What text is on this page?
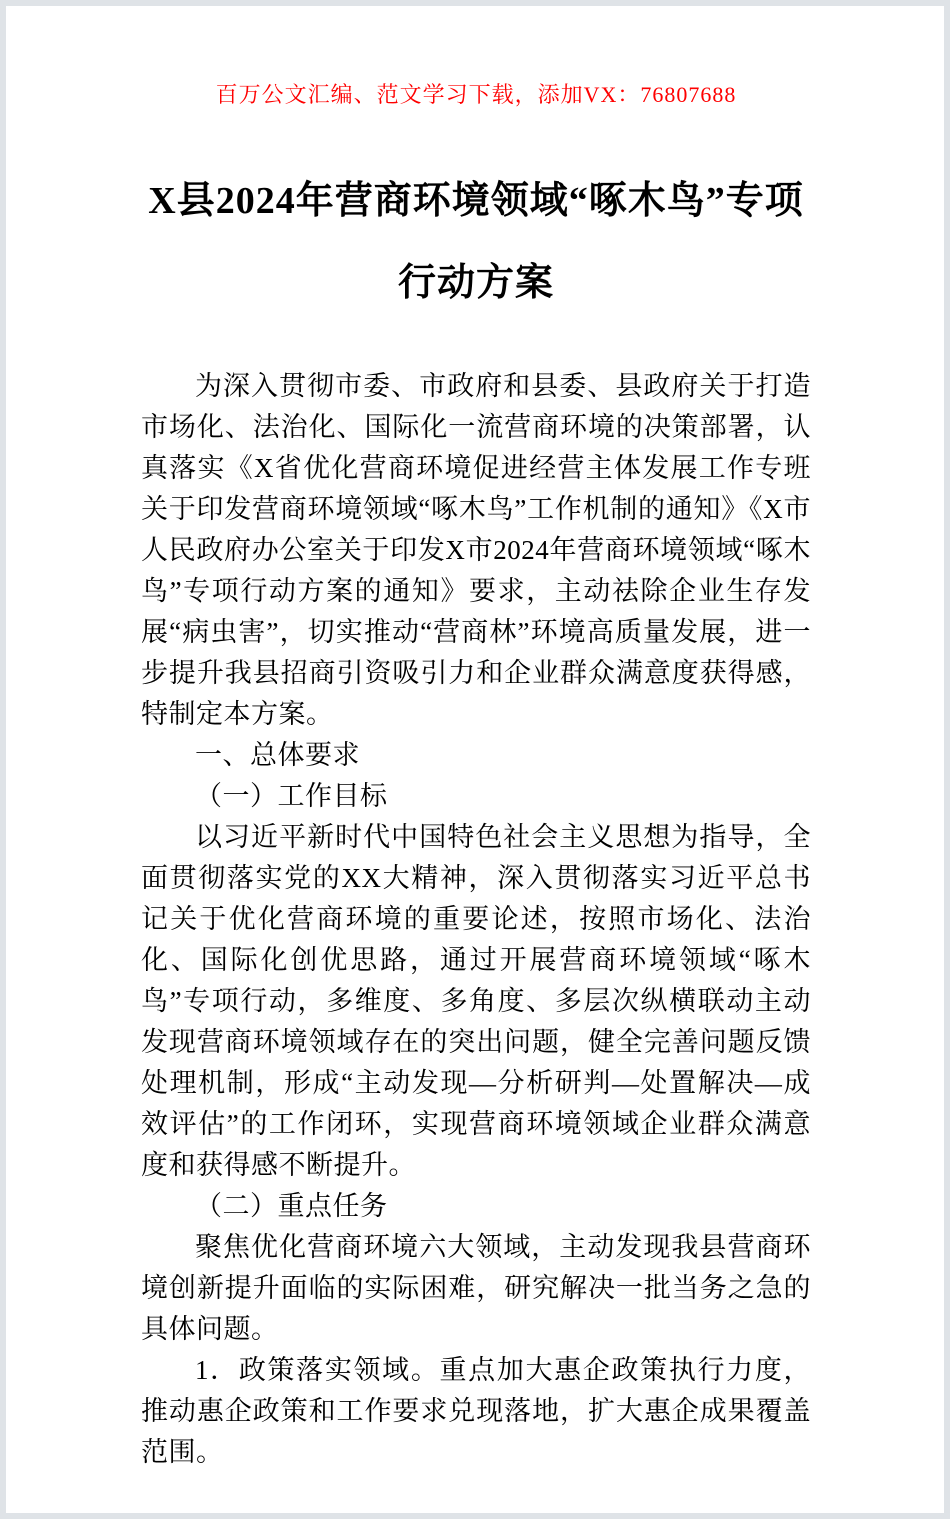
百万公文汇编、范文学习下载，添加VX：76807688
X县2024年营商环境领域“啄木鸟”专项
行动方案

为深入贯彻市委、市政府和县委、县政府关于打造市场化、法治化、国际化一流营商环境的决策部署，认真落实《X省优化营商环境促进经营主体发展工作专班关于印发营商环境领域“啄木鸟”工作机制的通知》《X市人民政府办公室关于印发X市2024年营商环境领域“啄木鸟”专项行动方案的通知》要求，主动祛除企业生存发展“病虫害”，切实推动“营商林”环境高质量发展，进一步提升我县招商引资吸引力和企业群众满意度获得感，特制定本方案。

一、总体要求

（一）工作目标

以习近平新时代中国特色社会主义思想为指导，全面贯彻落实党的XX大精神，深入贯彻落实习近平总书记关于优化营商环境的重要论述，按照市场化、法治化、国际化创优思路，通过开展营商环境领域“啄木鸟”专项行动，多维度、多角度、多层次纵横联动主动发现营商环境领域存在的突出问题，健全完善问题反馈处理机制，形成“主动发现—分析研判—处置解决—成效评估”的工作闭环，实现营商环境领域企业群众满意度和获得感不断提升。

（二）重点任务

聚焦优化营商环境六大领域，主动发现我县营商环境创新提升面临的实际困难，研究解决一批当务之急的具体问题。

1．政策落实领域。重点加大惠企政策执行力度，推动惠企政策和工作要求兑现落地，扩大惠企成果覆盖范围。
